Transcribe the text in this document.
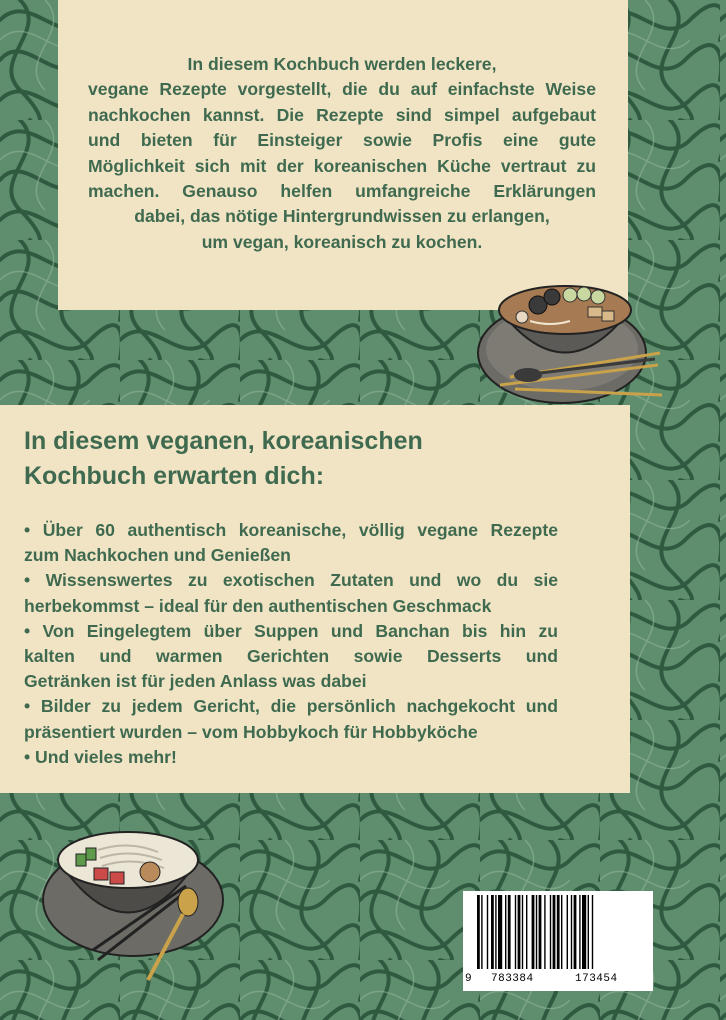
In diesem Kochbuch werden leckere,
vegane Rezepte vorgestellt, die du auf einfachste Weise
nachkochen kannst. Die Rezepte sind simpel aufgebaut
und bieten für Einsteiger sowie Profis eine gute
Möglichkeit sich mit der koreanischen Küche vertraut zu
machen. Genauso helfen umfangreiche Erklärungen
dabei, das nötige Hintergrundwissen zu erlangen,
um vegan, koreanisch zu kochen.

In diesem veganen, koreanischen
Kochbuch erwarten dich:
• Über 60 authentisch koreanische, völlig vegane Rezepte
zum Nachkochen und Genießen
• Wissenswertes zu exotischen Zutaten und wo du sie
herbekommst – ideal für den authentischen Geschmack
• Von Eingelegtem über Suppen und Banchan bis hin zu
kalten und warmen Gerichten sowie Desserts und
Getränken ist für jeden Anlass was dabei
• Bilder zu jedem Gericht, die persönlich nachgekocht und
präsentiert wurden – vom Hobbykoch für Hobbyköche
• Und vieles mehr!
9 783384	173454
